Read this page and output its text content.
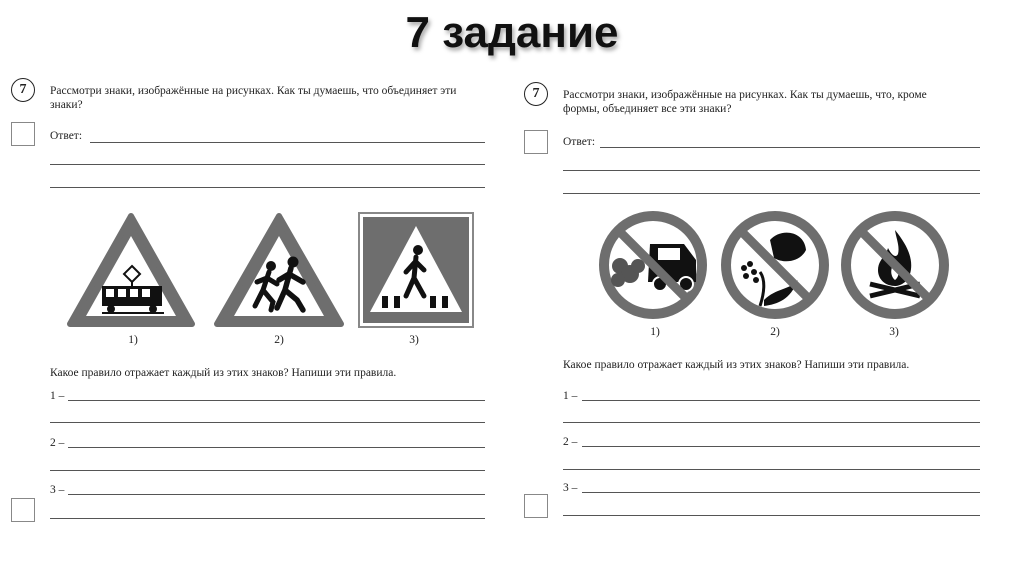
7 задание
7	Рассмотри знаки, изображённые на рисунках. Как ты думаешь, что объединяет эти знаки?
Ответ:
1)	2)	3)
Какое правило отражает каждый из этих знаков? Напиши эти правила.
1 –
2 –
3 –
7	Рассмотри знаки, изображённые на рисунках. Как ты думаешь, что, кроме
формы, объединяет все эти знаки?
Ответ:
1)	2)	3)
Какое правило отражает каждый из этих знаков? Напиши эти правила.
1 –
2 –
3 –
